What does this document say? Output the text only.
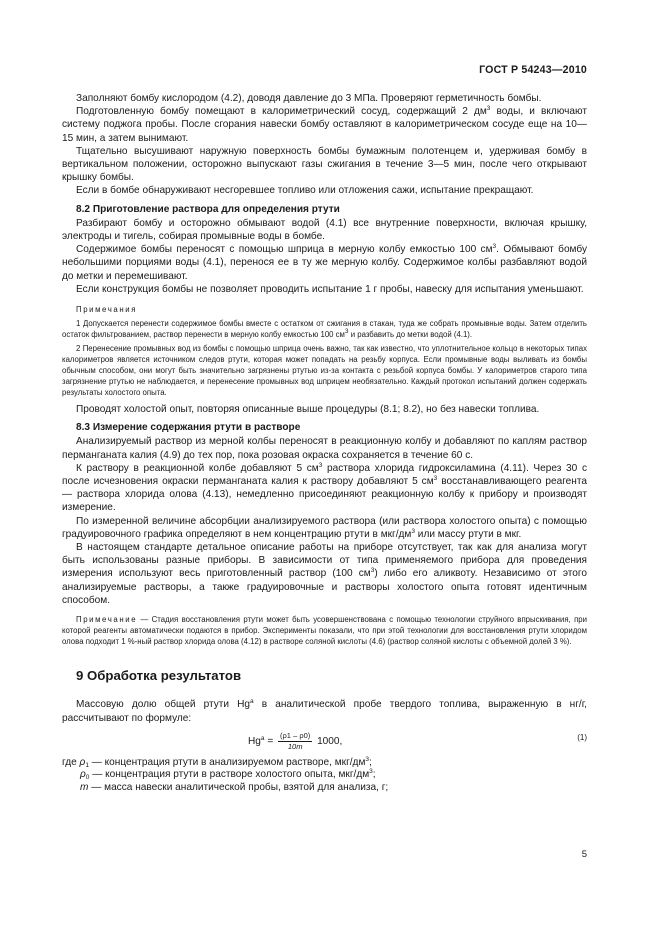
ГОСТ Р 54243—2010

Заполняют бомбу кислородом (4.2), доводя давление до 3 МПа. Проверяют герметичность бомбы.

Подготовленную бомбу помещают в калориметрический сосуд, содержащий 2 $дм^3$ воды, и включают систему поджога пробы. После сгорания навески бомбу оставляют в калориметрическом сосуде еще на 10—15 мин, а затем вынимают.

Тщательно высушивают наружную поверхность бомбы бумажным полотенцем и, удерживая бомбу в вертикальном положении, осторожно выпускают газы сжигания в течение 3—5 мин, после чего открывают крышку бомбы.

Если в бомбе обнаруживают несгоревшее топливо или отложения сажи, испытание прекращают.

8.2 Приготовление раствора для определения ртути

Разбирают бомбу и осторожно обмывают водой (4.1) все внутренние поверхности, включая крышку, электроды и тигель, собирая промывные воды в бомбе.

Содержимое бомбы переносят с помощью шприца в мерную колбу емкостью 100 $см^3$. Обмывают бомбу небольшими порциями воды (4.1), перенося ее в ту же мерную колбу. Содержимое колбы разбавляют водой до метки и перемешивают.

Если конструкция бомбы не позволяет проводить испытание 1 г пробы, навеску для испытания уменьшают.

Примечания

1 Допускается перенести содержимое бомбы вместе с остатком от сжигания в стакан, туда же собрать промывные воды. Затем отделить остаток фильтрованием, раствор перенести в мерную колбу емкостью 100 $см^3$ и разбавить до метки водой (4.1).

2 Перенесение промывных вод из бомбы с помощью шприца очень важно, так как известно, что уплотнительное кольцо в некоторых типах калориметров является источником следов ртути, которая может попадать на резьбу корпуса. Если промывные воды выливать из бомбы обычным способом, они могут быть значительно загрязнены ртутью из-за контакта с резьбой корпуса бомбы. У калориметров старого типа загрязнение ртутью не наблюдается, и перенесение промывных вод шприцем необязательно. Каждый протокол испытаний должен содержать результаты холостого опыта.

Проводят холостой опыт, повторяя описанные выше процедуры (8.1; 8.2), но без навески топлива.

8.3 Измерение содержания ртути в растворе

Анализируемый раствор из мерной колбы переносят в реакционную колбу и добавляют по каплям раствор перманганата калия (4.9) до тех пор, пока розовая окраска сохраняется в течение 60 с.

К раствору в реакционной колбе добавляют 5 $см^3$ раствора хлорида гидроксиламина (4.11). Через 30 с после исчезновения окраски перманганата калия к раствору добавляют 5 $см^3$ восстанавливающего реагента — раствора хлорида олова (4.13), немедленно присоединяют реакционную колбу к прибору и производят измерение.

По измеренной величине абсорбции анализируемого раствора (или раствора холостого опыта) с помощью градуировочного графика определяют в нем концентрацию ртути в мкг/$дм^3$ или массу ртути в мкг.

В настоящем стандарте детальное описание работы на приборе отсутствует, так как для анализа могут быть использованы разные приборы. В зависимости от типа применяемого прибора для проведения измерения используют весь приготовленный раствор (100 $см^3$) либо его аликвоту. Независимо от этого анализируемые растворы, а также градуировочные и растворы холостого опыта готовят идентичным способом.

Примечание — Стадия восстановления ртути может быть усовершенствована с помощью технологии струйного впрыскивания, при которой реагенты автоматически подаются в прибор. Эксперименты показали, что при этой технологии для восстановления ртути хлоридом олова подходит 1 %-ный раствор хлорида олова (4.12) в растворе соляной кислоты (4.6) (раствор соляной кислоты с объемной долей 3 %).

9 Обработка результатов

Массовую долю общей ртути Hg$^a$ в аналитической пробе твердого топлива, выраженную в нг/г, рассчитывают по формуле:

$Hg^a = \frac{(\rho 1 - \rho 0)}{10m} 1000$,	(1)
где $\rho_1$ — концентрация ртути в анализируемом растворе, мкг/$дм^3$;
$\rho_0$ — концентрация ртути в растворе холостого опыта, мкг/$дм^3$;
m — масса навески аналитической пробы, взятой для анализа, г;
5
